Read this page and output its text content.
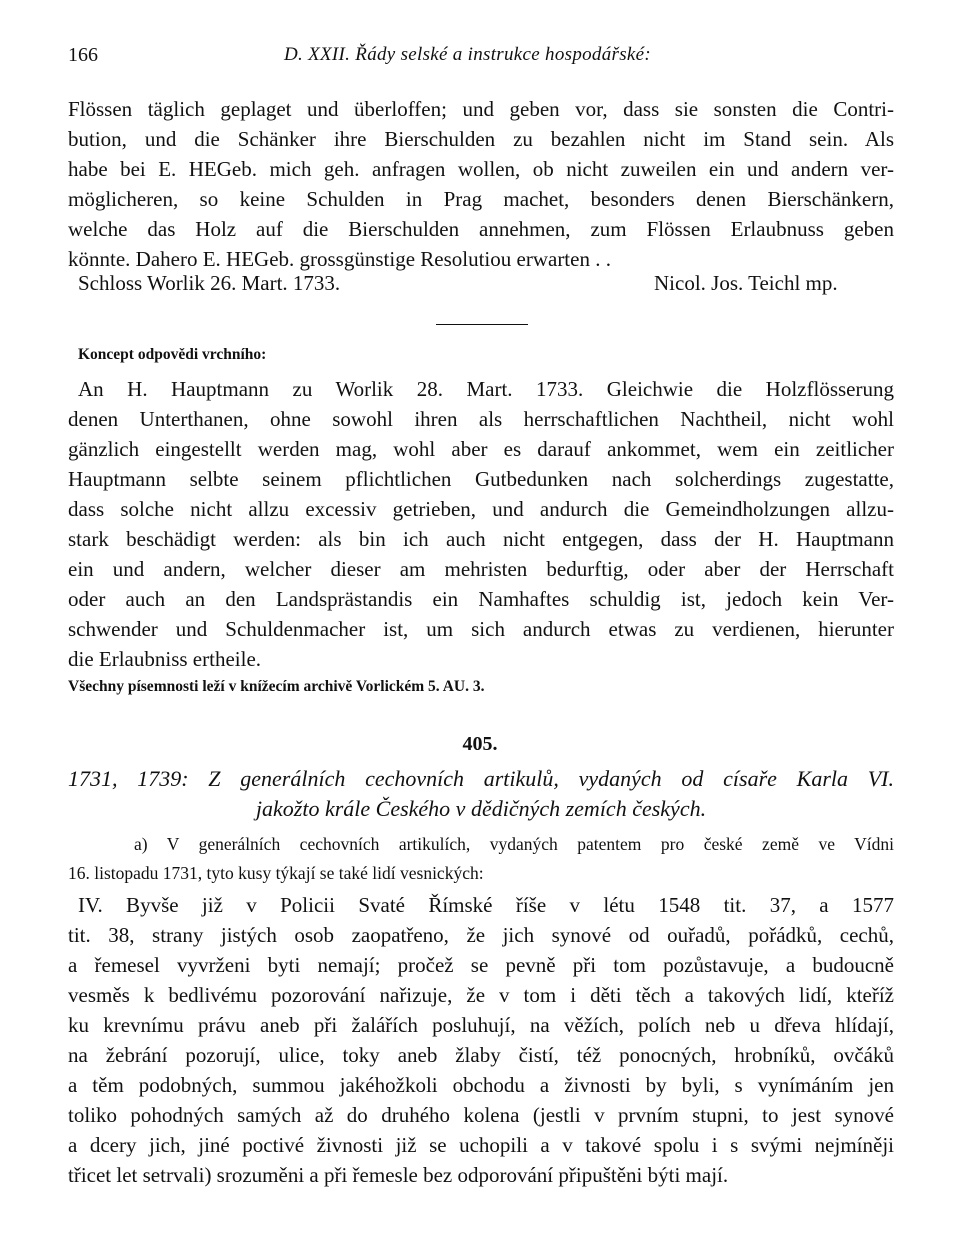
166	D. XXII. Řády selské a instrukce hospodářské:
Flössen täglich geplaget und überloffen; und geben vor, dass sie sonsten die Contri-
bution, und die Schänker ihre Bierschulden zu bezahlen nicht im Stand sein. Als
habe bei E. HEGeb. mich geh. anfragen wollen, ob nicht zuweilen ein und andern ver-
möglicheren, so keine Schulden in Prag machet, besonders denen Bierschänkern,
welche das Holz auf die Bierschulden annehmen, zum Flössen Erlaubnuss geben
könnte. Dahero E. HEGeb. grossgünstige Resolutiou erwarten . .
Schloss Worlik 26. Mart. 1733.	Nicol. Jos. Teichl mp.
Koncept odpovědi vrchního:
An H. Hauptmann zu Worlik 28. Mart. 1733. Gleichwie die Holzflösserung
denen Unterthanen, ohne sowohl ihren als herrschaftlichen Nachtheil, nicht wohl
gänzlich eingestellt werden mag, wohl aber es darauf ankommet, wem ein zeitlicher
Hauptmann selbte seinem pflichtlichen Gutbedunken nach solcherdings zugestatte,
dass solche nicht allzu excessiv getrieben, und andurch die Gemeindholzungen allzu-
stark beschädigt werden: als bin ich auch nicht entgegen, dass der H. Hauptmann
ein und andern, welcher dieser am mehristen bedurftig, oder aber der Herrschaft
oder auch an den Landsprästandis ein Namhaftes schuldig ist, jedoch kein Ver-
schwender und Schuldenmacher ist, um sich andurch etwas zu verdienen, hierunter
die Erlaubniss ertheile.
Všechny písemnosti leží v knížecím archivě Vorlickém 5. AU. 3.
405.
1731, 1739: Z generálních cechovních artikulů, vydaných od císaře Karla VI.
jakožto krále Českého v dědičných zemích českých.
a) V generálních cechovních artikulích, vydaných patentem pro české země ve Vídni
16. listopadu 1731, tyto kusy týkají se také lidí vesnických:
IV. Byvše již v Policii Svaté Římské říše v létu 1548 tit. 37, a 1577
tit. 38, strany jistých osob zaopatřeno, že jich synové od ouřadů, pořádků, cechů,
a řemesel vyvrženi byti nemají; pročež se pevně při tom pozůstavuje, a budoucně
vesměs k bedlivému pozorování nařizuje, že v tom i děti těch a takových lidí, kteříž
ku krevnímu právu aneb při žalářích posluhují, na věžích, polích neb u dřeva hlídají,
na žebrání pozorují, ulice, toky aneb žlaby čistí, též ponocných, hrobníků, ovčáků
a těm podobných, summou jakéhožkoli obchodu a živnosti by byli, s vynímáním jen
toliko pohodných samých až do druhého kolena (jestli v prvním stupni, to jest synové
a dcery jich, jiné poctivé živnosti již se uchopili a v takové spolu i s svými nejmíněji
třicet let setrvali) srozuměni a při řemesle bez odporování připuštěni býti mají.
